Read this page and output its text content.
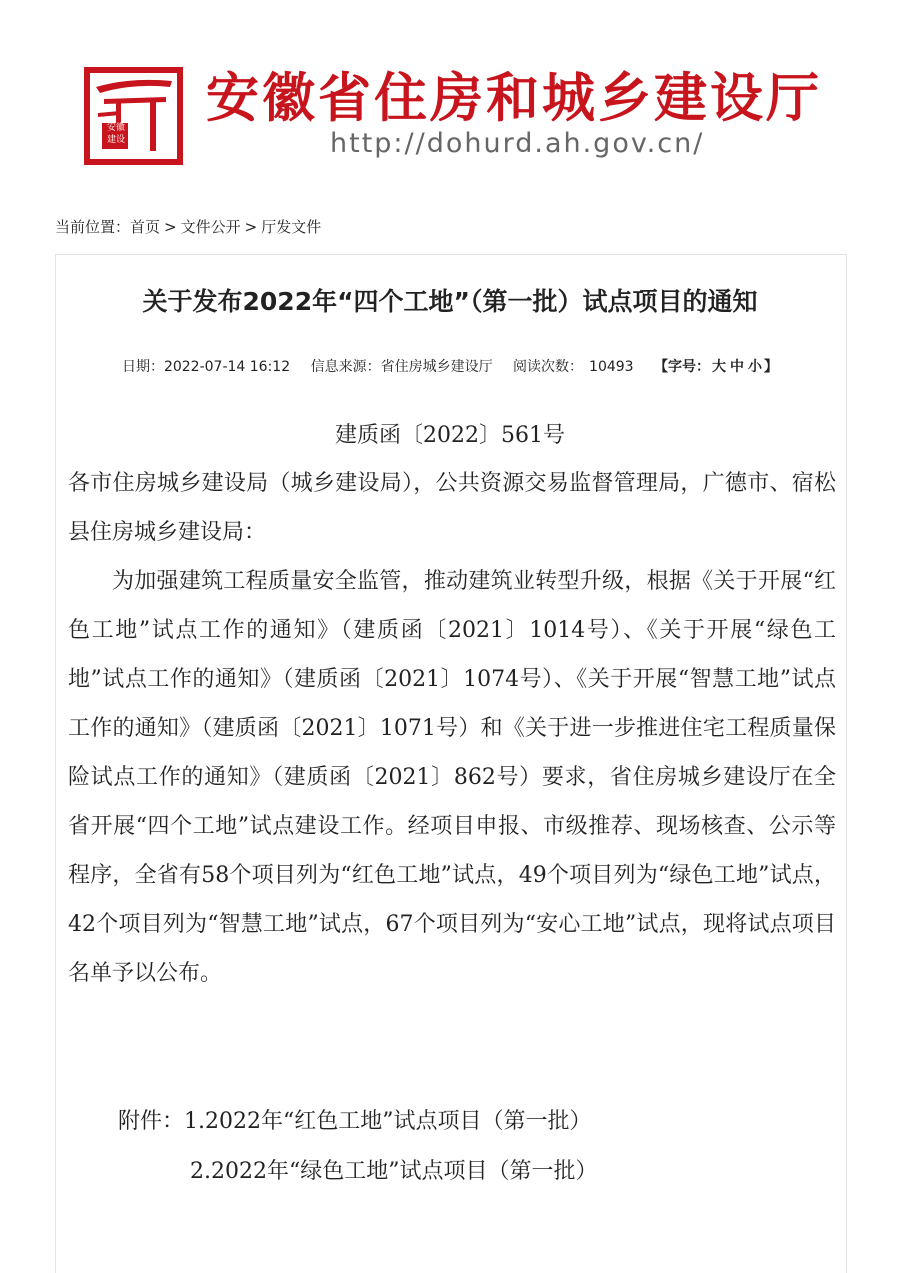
安徽建设
安徽省住房和城乡建设厅
http://dohurd.ah.gov.cn/
当前位置：首页 > 文件公开 > 厅发文件
关于发布2022年“四个工地”（第一批）试点项目的通知
日期：2022-07-14 16:12 信息来源：省住房城乡建设厅 阅读次数： 10493 【字号： 大 中 小 】
建质函〔2022〕561号

各市住房城乡建设局（城乡建设局），公共资源交易监督管理局，广德市、宿松县住房城乡建设局：

为加强建筑工程质量安全监管，推动建筑业转型升级，根据《关于开展“红色工地”试点工作的通知》（建质函〔2021〕1014号）、《关于开展“绿色工地”试点工作的通知》（建质函〔2021〕1074号）、《关于开展“智慧工地”试点工作的通知》（建质函〔2021〕1071号）和《关于进一步推进住宅工程质量保险试点工作的通知》（建质函〔2021〕862号）要求，省住房城乡建设厅在全省开展“四个工地”试点建设工作。经项目申报、市级推荐、现场核查、公示等程序，全省有58个项目列为“红色工地”试点，49个项目列为“绿色工地”试点，42个项目列为“智慧工地”试点，67个项目列为“安心工地”试点，现将试点项目名单予以公布。

附件：1.2022年“红色工地”试点项目（第一批）
2.2022年“绿色工地”试点项目（第一批）
